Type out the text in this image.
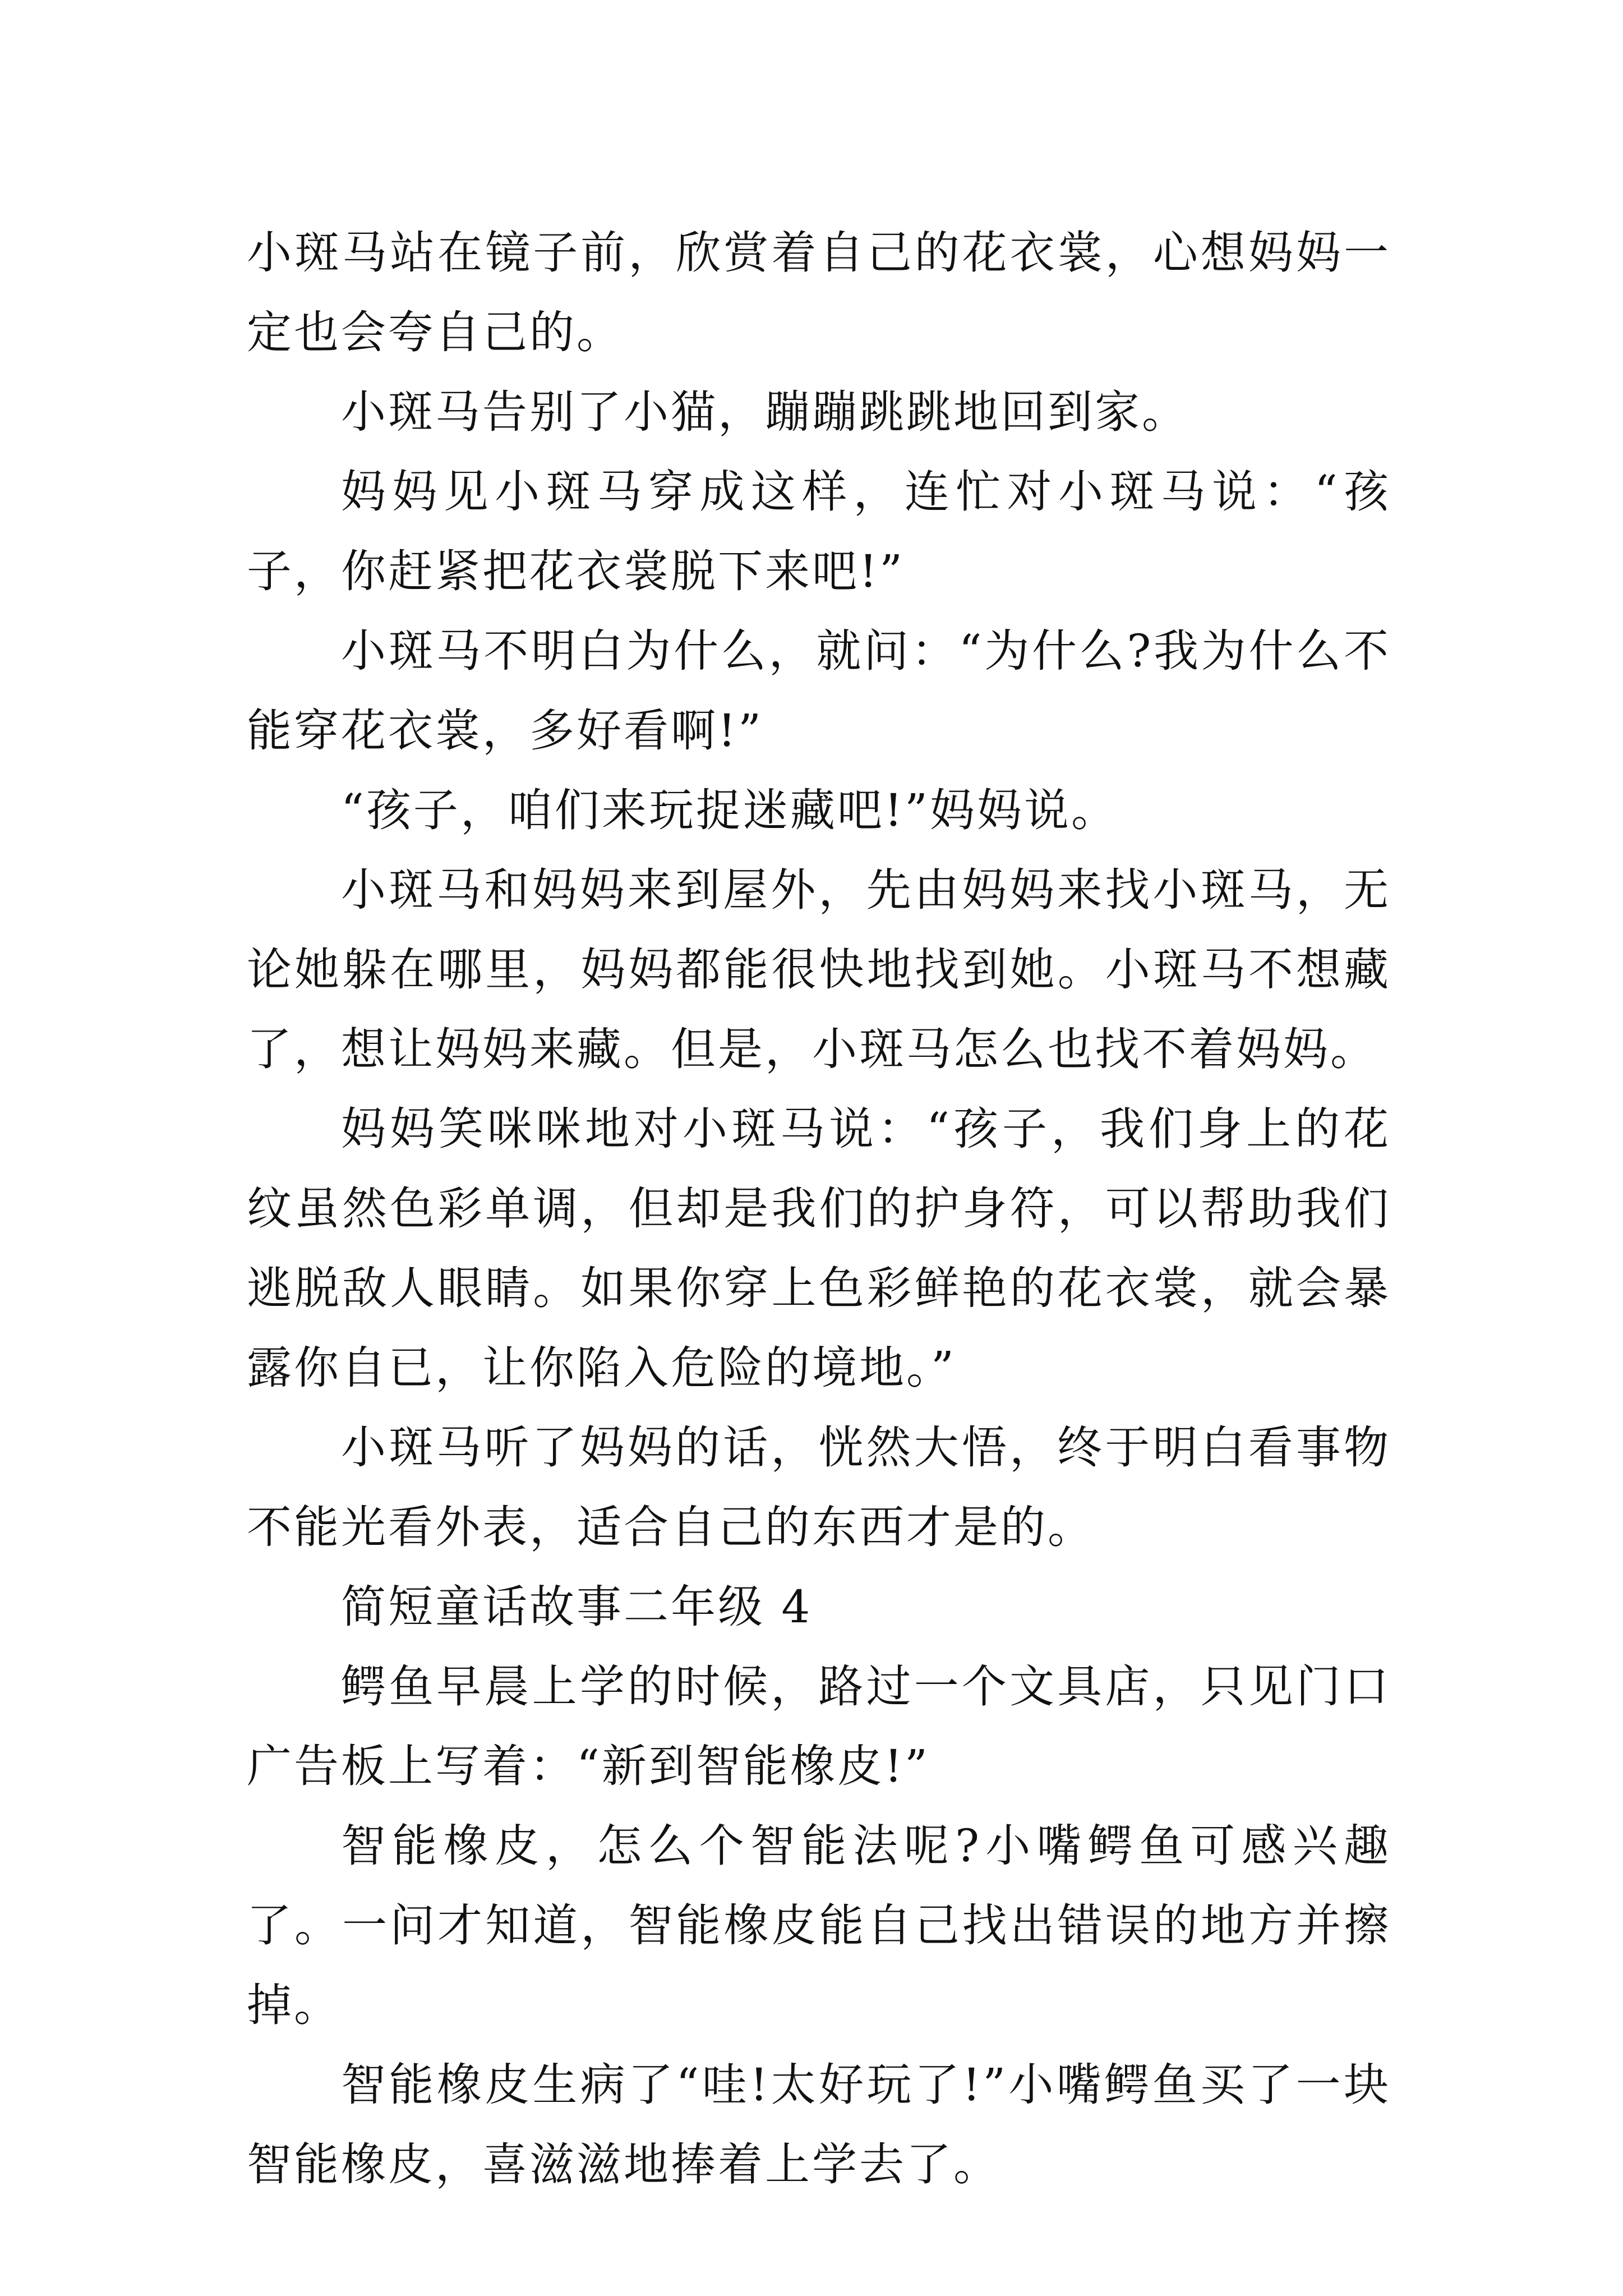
小斑马站在镜子前，欣赏着自己的花衣裳，心想妈妈一定也会夸自己的。

小斑马告别了小猫，蹦蹦跳跳地回到家。

妈妈见小斑马穿成这样，连忙对小斑马说：“孩子，你赶紧把花衣裳脱下来吧!”

小斑马不明白为什么，就问：“为什么?我为什么不能穿花衣裳，多好看啊!”

“孩子，咱们来玩捉迷藏吧!”妈妈说。

小斑马和妈妈来到屋外，先由妈妈来找小斑马，无论她躲在哪里，妈妈都能很快地找到她。小斑马不想藏了，想让妈妈来藏。但是，小斑马怎么也找不着妈妈。

妈妈笑咪咪地对小斑马说：“孩子，我们身上的花纹虽然色彩单调，但却是我们的护身符，可以帮助我们逃脱敌人眼睛。如果你穿上色彩鲜艳的花衣裳，就会暴露你自已，让你陷入危险的境地。”

小斑马听了妈妈的话，恍然大悟，终于明白看事物不能光看外表，适合自己的东西才是的。

简短童话故事二年级 4

鳄鱼早晨上学的时候，路过一个文具店，只见门口广告板上写着：“新到智能橡皮!”

智能橡皮，怎么个智能法呢?小嘴鳄鱼可感兴趣了。一问才知道，智能橡皮能自己找出错误的地方并擦掉。

智能橡皮生病了“哇!太好玩了!”小嘴鳄鱼买了一块智能橡皮，喜滋滋地捧着上学去了。
